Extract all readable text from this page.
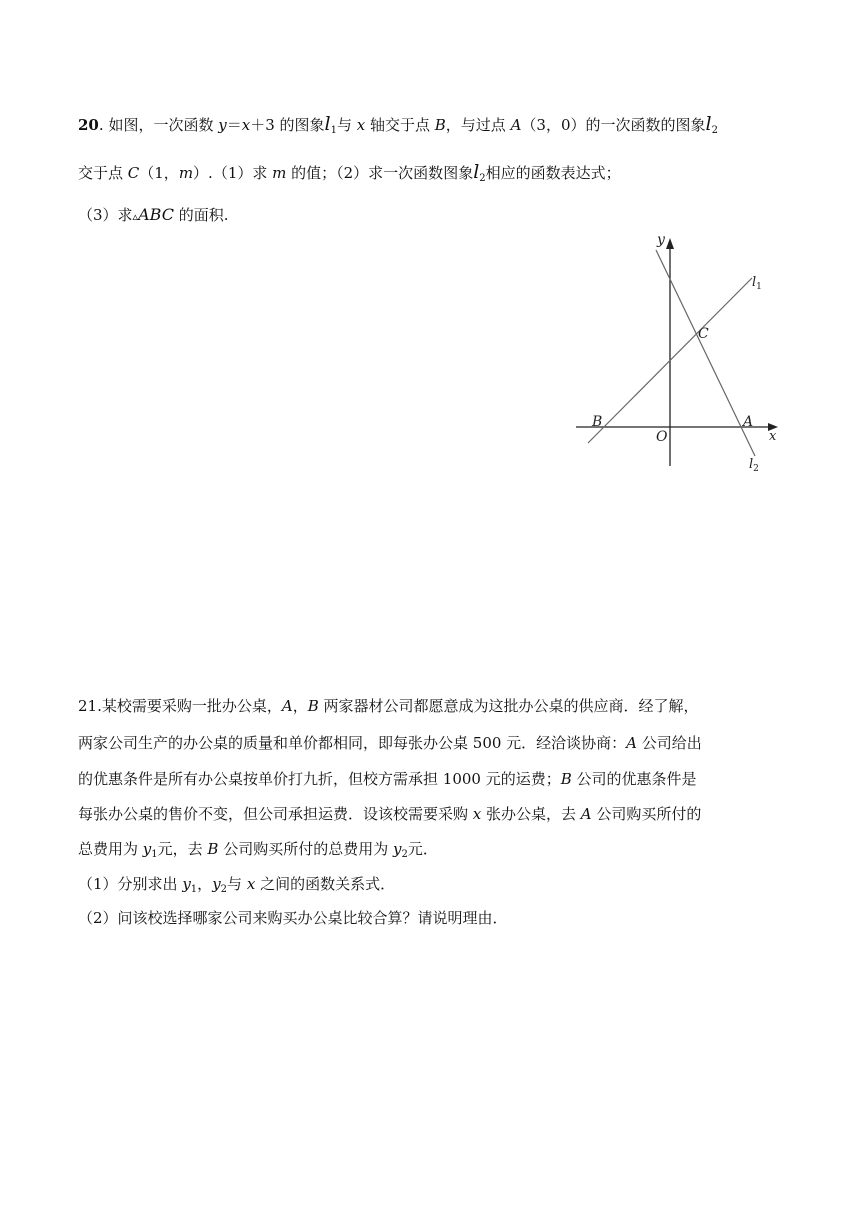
20. 如图，一次函数 y＝x＋3 的图象$l_1$与 x 轴交于点 B，与过点 A（3，0）的一次函数的图象$l_2$
交于点 C（1，m）.（1）求 m 的值；（2）求一次函数图象$l_2$相应的函数表达式；
（3）求▵ABC 的面积.
y
x
O
B	A
C
$l_1$
$l_2$
21.某校需要采购一批办公桌，A，B 两家器材公司都愿意成为这批办公桌的供应商．经了解，
两家公司生产的办公桌的质量和单价都相同，即每张办公桌 500 元．经洽谈协商：A 公司给出
的优惠条件是所有办公桌按单价打九折，但校方需承担 1000 元的运费；B 公司的优惠条件是
每张办公桌的售价不变，但公司承担运费．设该校需要采购 x 张办公桌，去 A 公司购买所付的
总费用为 $y_1$元，去 B 公司购买所付的总费用为 $y_2$元．
（1）分别求出 $y_1$，$y_2$与 x 之间的函数关系式．
（2）问该校选择哪家公司来购买办公桌比较合算？请说明理由．
